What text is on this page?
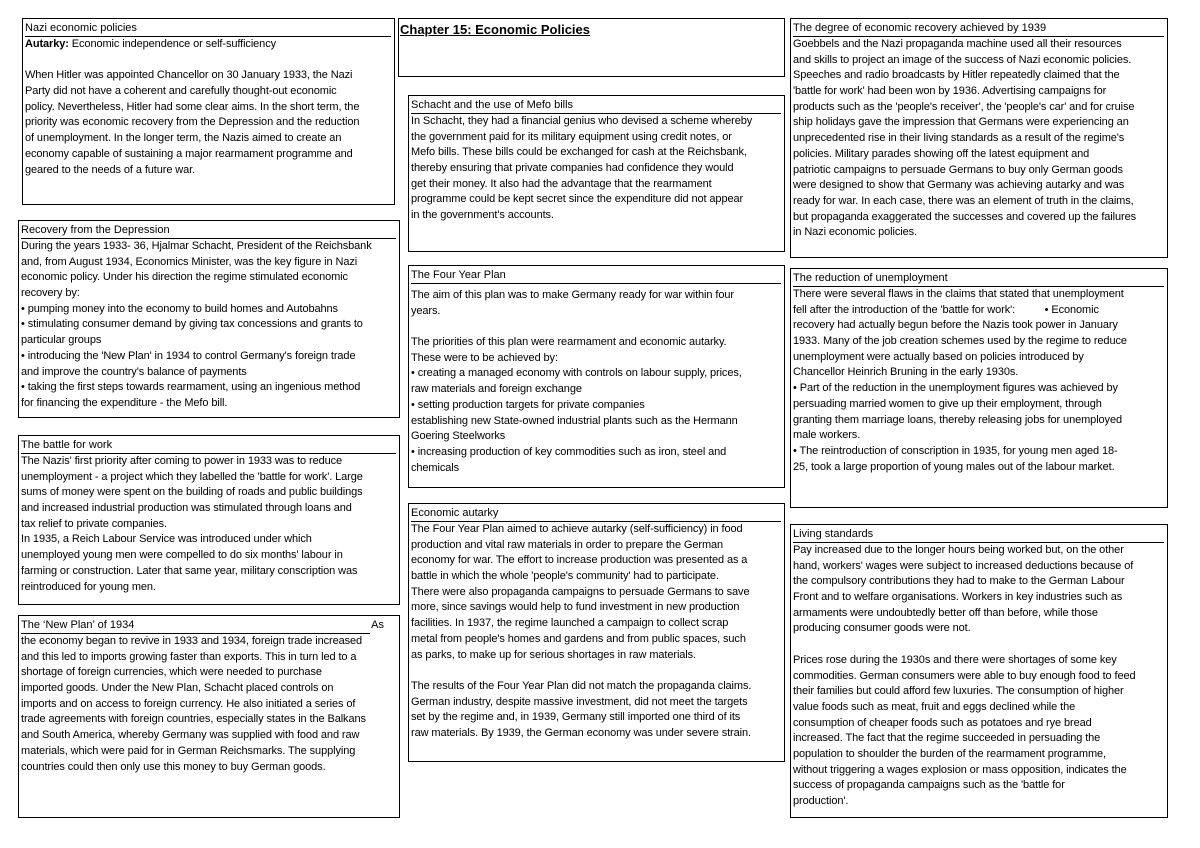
Chapter 15: Economic Policies
Nazi economic policies
Autarky: Economic independence or self-sufficiency
When Hitler was appointed Chancellor on 30 January 1933, the Nazi
Party did not have a coherent and carefully thought-out economic
policy. Nevertheless, Hitler had some clear aims. In the short term, the
priority was economic recovery from the Depression and the reduction
of unemployment. In the longer term, the Nazis aimed to create an
economy capable of sustaining a major rearmament programme and
geared to the needs of a future war.
Recovery from the Depression
During the years 1933- 36, Hjalmar Schacht, President of the Reichsbank
and, from August 1934, Economics Minister, was the key figure in Nazi
economic policy. Under his direction the regime stimulated economic
recovery by:
• pumping money into the economy to build homes and Autobahns
• stimulating consumer demand by giving tax concessions and grants to
particular groups
• introducing the 'New Plan' in 1934 to control Germany's foreign trade
and improve the country's balance of payments
• taking the first steps towards rearmament, using an ingenious method
for financing the expenditure - the Mefo bill.
The battle for work
The Nazis' first priority after coming to power in 1933 was to reduce
unemployment - a project which they labelled the 'battle for work'. Large
sums of money were spent on the building of roads and public buildings
and increased industrial production was stimulated through loans and
tax relief to private companies.
In 1935, a Reich Labour Service was introduced under which
unemployed young men were compelled to do six months' labour in
farming or construction. Later that same year, military conscription was
reintroduced for young men.
The ‘New Plan’ of 1934	As
the economy began to revive in 1933 and 1934, foreign trade increased
and this led to imports growing faster than exports. This in turn led to a
shortage of foreign currencies, which were needed to purchase
imported goods. Under the New Plan, Schacht placed controls on
imports and on access to foreign currency. He also initiated a series of
trade agreements with foreign countries, especially states in the Balkans
and South America, whereby Germany was supplied with food and raw
materials, which were paid for in German Reichsmarks. The supplying
countries could then only use this money to buy German goods.
Schacht and the use of Mefo bills
In Schacht, they had a financial genius who devised a scheme whereby
the government paid for its military equipment using credit notes, or
Mefo bills. These bills could be exchanged for cash at the Reichsbank,
thereby ensuring that private companies had confidence they would
get their money. It also had the advantage that the rearmament
programme could be kept secret since the expenditure did not appear
in the government's accounts.
The Four Year Plan
The aim of this plan was to make Germany ready for war within four
years.
The priorities of this plan were rearmament and economic autarky.
These were to be achieved by:
• creating a managed economy with controls on labour supply, prices,
raw materials and foreign exchange
• setting production targets for private companies
establishing new State-owned industrial plants such as the Hermann
Goering Steelworks
• increasing production of key commodities such as iron, steel and
chemicals
Economic autarky
The Four Year Plan aimed to achieve autarky (self-sufficiency) in food
production and vital raw materials in order to prepare the German
economy for war. The effort to increase production was presented as a
battle in which the whole 'people's community' had to participate.
There were also propaganda campaigns to persuade Germans to save
more, since savings would help to fund investment in new production
facilities. In 1937, the regime launched a campaign to collect scrap
metal from people's homes and gardens and from public spaces, such
as parks, to make up for serious shortages in raw materials.
The results of the Four Year Plan did not match the propaganda claims.
German industry, despite massive investment, did not meet the targets
set by the regime and, in 1939, Germany still imported one third of its
raw materials. By 1939, the German economy was under severe strain.
The degree of economic recovery achieved by 1939
Goebbels and the Nazi propaganda machine used all their resources
and skills to project an image of the success of Nazi economic policies.
Speeches and radio broadcasts by Hitler repeatedly claimed that the
'battle for work' had been won by 1936. Advertising campaigns for
products such as the 'people's receiver', the 'people's car' and for cruise
ship holidays gave the impression that Germans were experiencing an
unprecedented rise in their living standards as a result of the regime's
policies. Military parades showing off the latest equipment and
patriotic campaigns to persuade Germans to buy only German goods
were designed to show that Germany was achieving autarky and was
ready for war. In each case, there was an element of truth in the claims,
but propaganda exaggerated the successes and covered up the failures
in Nazi economic policies.
The reduction of unemployment
There were several flaws in the claims that stated that unemployment
fell after the introduction of the 'battle for work':          • Economic
recovery had actually begun before the Nazis took power in January
1933. Many of the job creation schemes used by the regime to reduce
unemployment were actually based on policies introduced by
Chancellor Heinrich Bruning in the early 1930s.
• Part of the reduction in the unemployment figures was achieved by
persuading married women to give up their employment, through
granting them marriage loans, thereby releasing jobs for unemployed
male workers.
• The reintroduction of conscription in 1935, for young men aged 18-
25, took a large proportion of young males out of the labour market.
Living standards
Pay increased due to the longer hours being worked but, on the other
hand, workers' wages were subject to increased deductions because of
the compulsory contributions they had to make to the German Labour
Front and to welfare organisations. Workers in key industries such as
armaments were undoubtedly better off than before, while those
producing consumer goods were not.
Prices rose during the 1930s and there were shortages of some key
commodities. German consumers were able to buy enough food to feed
their families but could afford few luxuries. The consumption of higher
value foods such as meat, fruit and eggs declined while the
consumption of cheaper foods such as potatoes and rye bread
increased. The fact that the regime succeeded in persuading the
population to shoulder the burden of the rearmament programme,
without triggering a wages explosion or mass opposition, indicates the
success of propaganda campaigns such as the 'battle for
production'.
